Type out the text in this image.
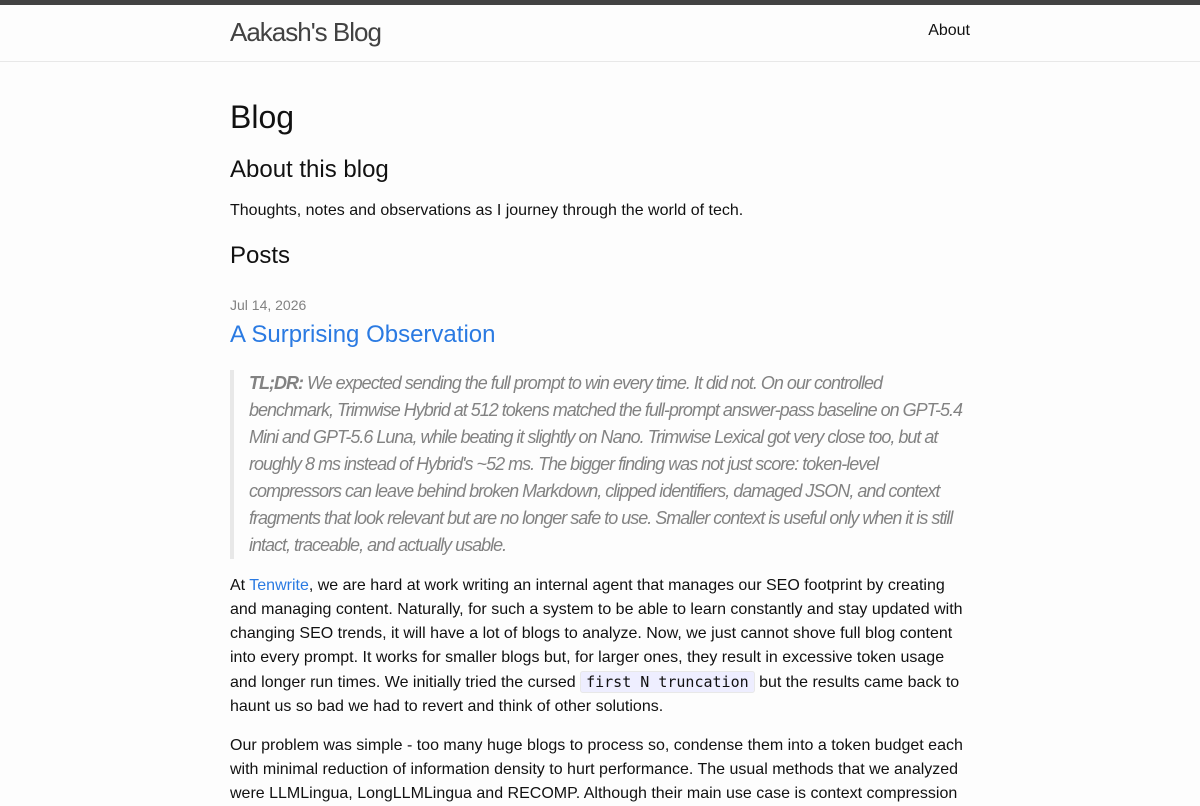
Aakash's Blog	About
Blog
About this blog

Thoughts, notes and observations as I journey through the world of tech.

Posts
Jul 14, 2026
A Surprising Observation
TL;DR: We expected sending the full prompt to win every time. It did not. On our controlled benchmark, Trimwise Hybrid at 512 tokens matched the full-prompt answer-pass baseline on GPT-5.4 Mini and GPT-5.6 Luna, while beating it slightly on Nano. Trimwise Lexical got very close too, but at roughly 8 ms instead of Hybrid's ~52 ms. The bigger finding was not just score: token-level compressors can leave behind broken Markdown, clipped identifiers, damaged JSON, and context fragments that look relevant but are no longer safe to use. Smaller context is useful only when it is still intact, traceable, and actually usable.

At Tenwrite, we are hard at work writing an internal agent that manages our SEO footprint by creating and managing content. Naturally, for such a system to be able to learn constantly and stay updated with changing SEO trends, it will have a lot of blogs to analyze. Now, we just cannot shove full blog content into every prompt. It works for smaller blogs but, for larger ones, they result in excessive token usage and longer run times. We initially tried the cursed first N truncation but the results came back to haunt us so bad we had to revert and think of other solutions.

Our problem was simple - too many huge blogs to process so, condense them into a token budget each with minimal reduction of information density to hurt performance. The usual methods that we analyzed were LLMLingua, LongLLMLingua and RECOMP. Although their main use case is context compression
